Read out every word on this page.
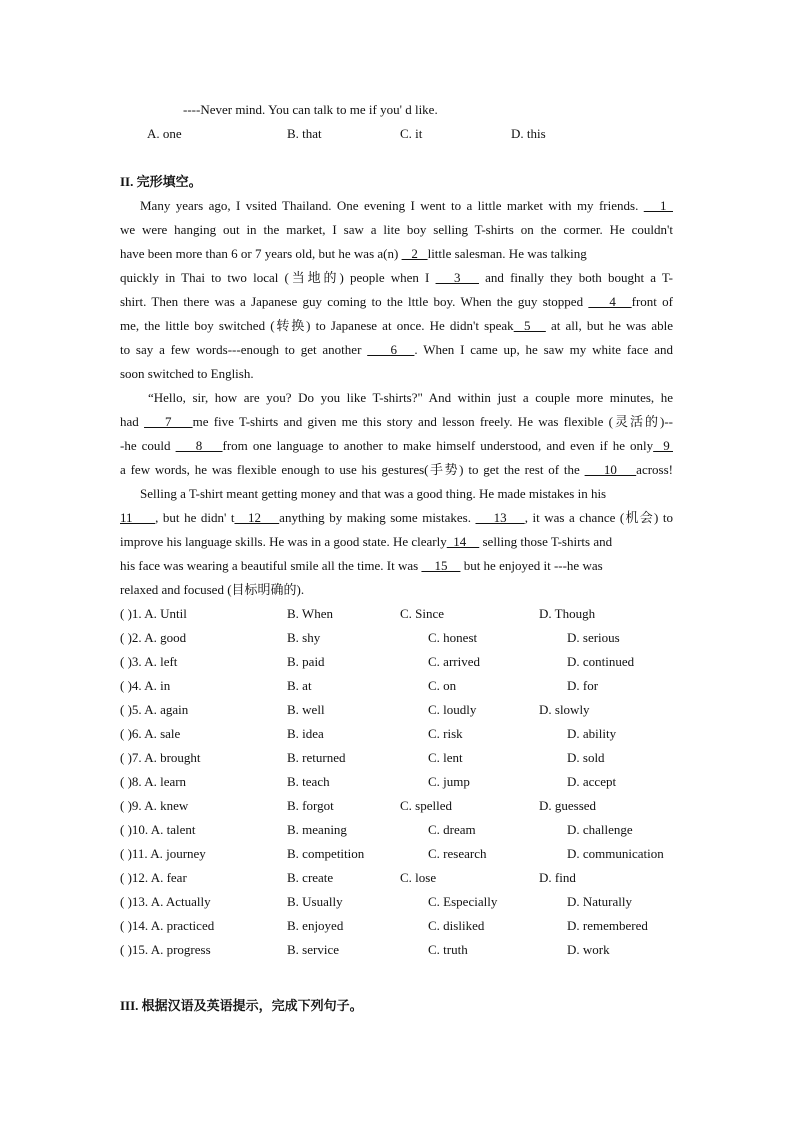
----Never mind. You can talk to me if you' d like.
A. one	B. that	C. it	D. this
II. 完形填空。
Many years ago, I vsited Thailand. One evening I went to a little market with my friends.    1
we were hanging out in the market, I saw a lite boy selling T-shirts on the cormer. He couldn't
have been more than 6 or 7 years old, but he was a(n)    2   little salesman. He was talking
quickly in Thai to two local (当地的) people when I    3    and finally they both bought a T-
shirt. Then there was a Japanese guy coming to the lttle boy. When the guy stopped     4   front of
me, the little boy switched (转换) to Japanese at once. He didn't speak  5    at all, but he was able
to say a few words---enough to get another     6   . When I came up, he saw my white face and
soon switched to English.
“Hello, sir, how are you? Do you like T-shirts?" And within just a couple more minutes, he
had     7    me five T-shirts and given me this story and lesson freely. He was flexible (灵活的)--
-he could     8    from one language to another to make himself understood, and even if he only  9
a few words, he was flexible enough to use his gestures(手势) to get the rest of the     10    across!
Selling a T-shirt meant getting money and that was a good thing. He made mistakes in his
11     , but he didn' t   12    anything by making some mistakes.     13    , it was a chance (机会) to
improve his language skills. He was in a good state. He clearly  14     selling those T-shirts and
his face was wearing a beautiful smile all the time. It was     15     but he enjoyed it ---he was
relaxed and focused (目标明确的).
( )1. A. Until	B. When	C. Since	D. Though
( )2. A. good	B. shy	C. honest	D. serious
( )3. A. left	B. paid	C. arrived	D. continued
( )4. A. in	B. at	C. on	D. for
( )5. A. again	B. well	C. loudly	D. slowly
( )6. A. sale	B. idea	C. risk	D. ability
( )7. A. brought	B. returned	C. lent	D. sold
( )8. A. learn	B. teach	C. jump	D. accept
( )9. A. knew	B. forgot	C. spelled	D. guessed
( )10. A. talent	B. meaning	C. dream	D. challenge
( )11. A. journey	B. competition	C. research	D. communication
( )12. A. fear	B. create	C. lose	D. find
( )13. A. Actually	B. Usually	C. Especially	D. Naturally
( )14. A. practiced	B. enjoyed	C. disliked	D. remembered
( )15. A. progress	B. service	C. truth	D. work
III. 根据汉语及英语提示，完成下列句子。
